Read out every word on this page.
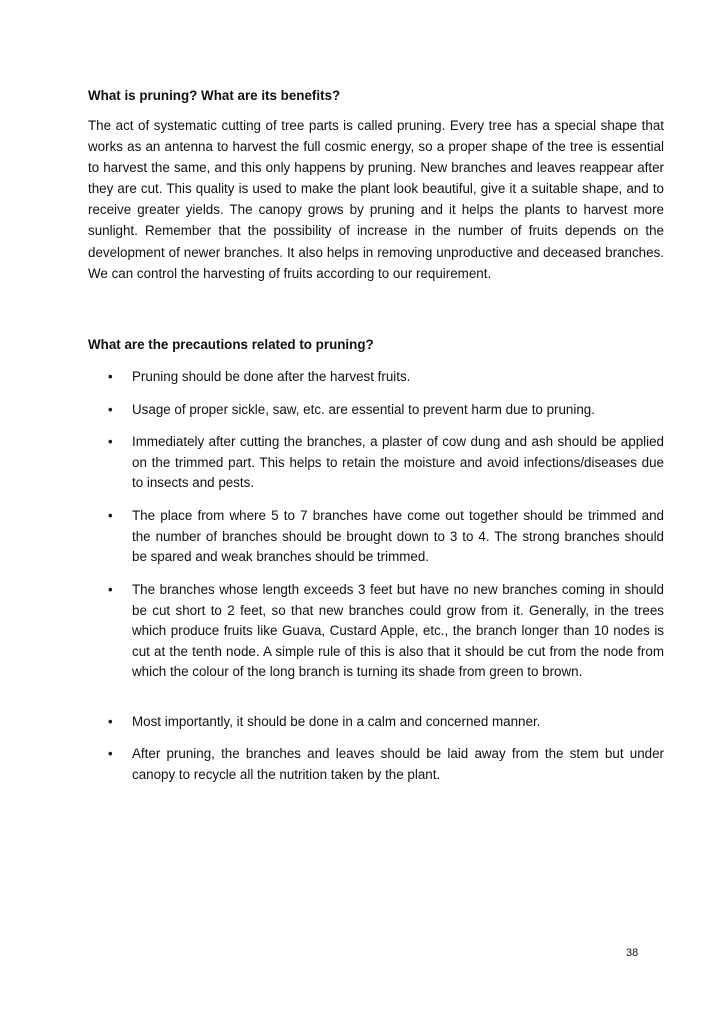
What is pruning? What are its benefits?

The act of systematic cutting of tree parts is called pruning. Every tree has a special shape that works as an antenna to harvest the full cosmic energy, so a proper shape of the tree is essential to harvest the same, and this only happens by pruning. New branches and leaves reappear after they are cut. This quality is used to make the plant look beautiful, give it a suitable shape, and to receive greater yields. The canopy grows by pruning and it helps the plants to harvest more sunlight. Remember that the possibility of increase in the number of fruits depends on the development of newer branches. It also helps in removing unproductive and deceased branches. We can control the harvesting of fruits according to our requirement.

What are the precautions related to pruning?
•	Pruning should be done after the harvest fruits.
•	Usage of proper sickle, saw, etc. are essential to prevent harm due to pruning.
•	Immediately after cutting the branches, a plaster of cow dung and ash should be applied on the trimmed part. This helps to retain the moisture and avoid infections/diseases due to insects and pests.
•	The place from where 5 to 7 branches have come out together should be trimmed and the number of branches should be brought down to 3 to 4. The strong branches should be spared and weak branches should be trimmed.
•	The branches whose length exceeds 3 feet but have no new branches coming in should be cut short to 2 feet, so that new branches could grow from it. Generally, in the trees which produce fruits like Guava, Custard Apple, etc., the branch longer than 10 nodes is cut at the tenth node. A simple rule of this is also that it should be cut from the node from which the colour of the long branch is turning its shade from green to brown.
•	Most importantly, it should be done in a calm and concerned manner.
•	After pruning, the branches and leaves should be laid away from the stem but under canopy to recycle all the nutrition taken by the plant.
38
